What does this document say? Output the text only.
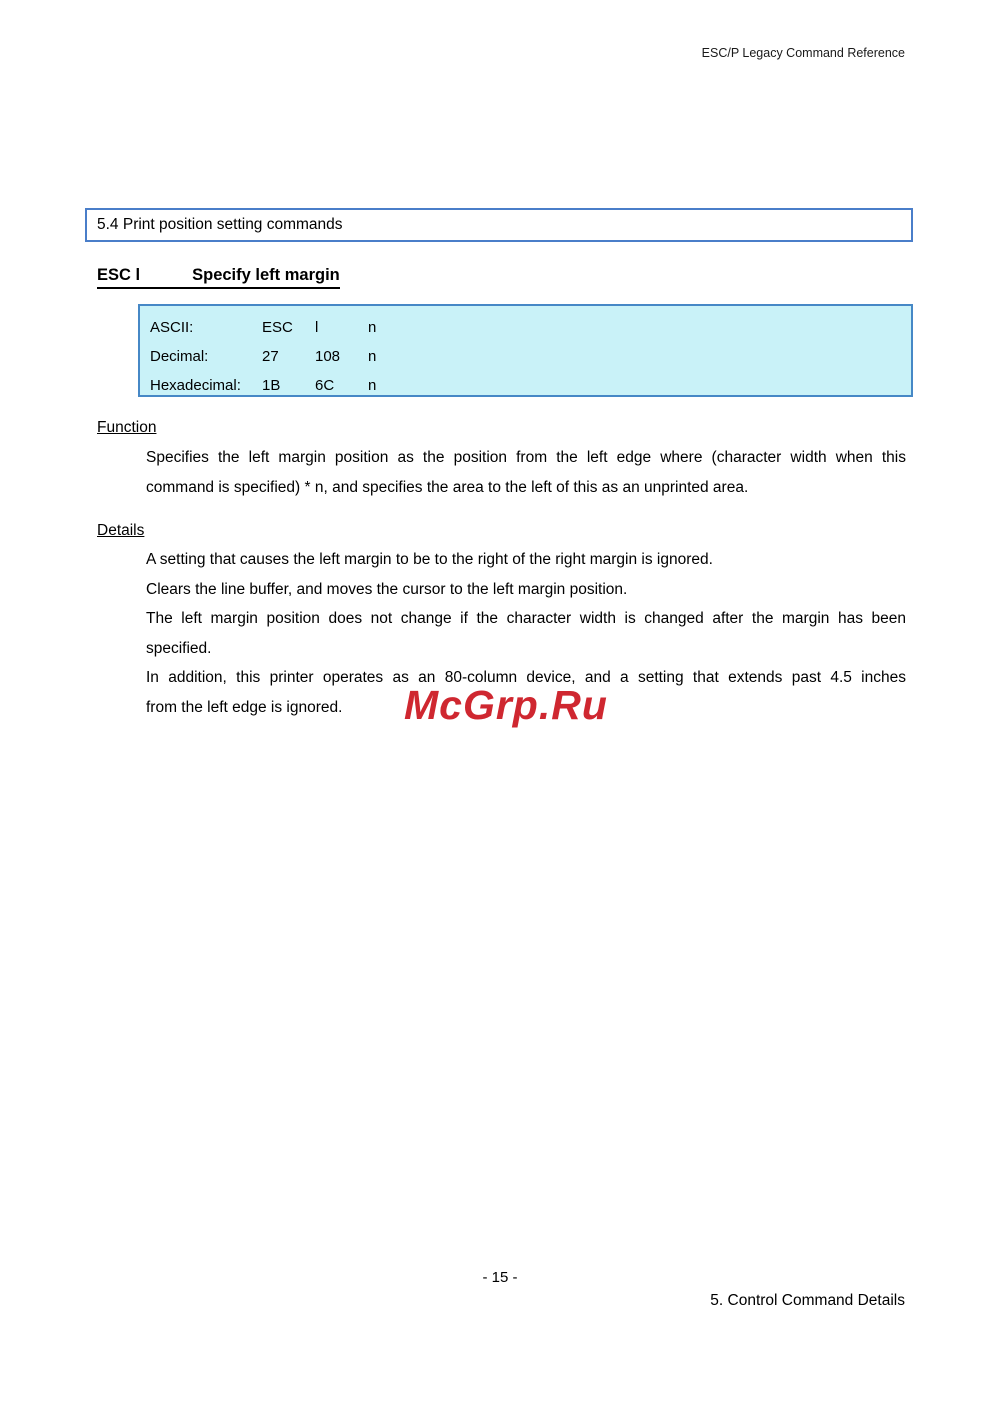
ESC/P Legacy Command Reference
5.4 Print position setting commands
ESC l	Specify left margin
ASCII:	ESC	l	n
Decimal:	27	108	n
Hexadecimal:	1B	6C	n
Function
Specifies the left margin position as the position from the left edge where (character width when this
command is specified) * n, and specifies the area to the left of this as an unprinted area.
Details
A setting that causes the left margin to be to the right of the right margin is ignored.
Clears the line buffer, and moves the cursor to the left margin position.
The left margin position does not change if the character width is changed after the margin has been
specified.
In addition, this printer operates as an 80-column device, and a setting that extends past 4.5 inches
from the left edge is ignored.	McGrp.Ru
- 15 -
5. Control Command Details
